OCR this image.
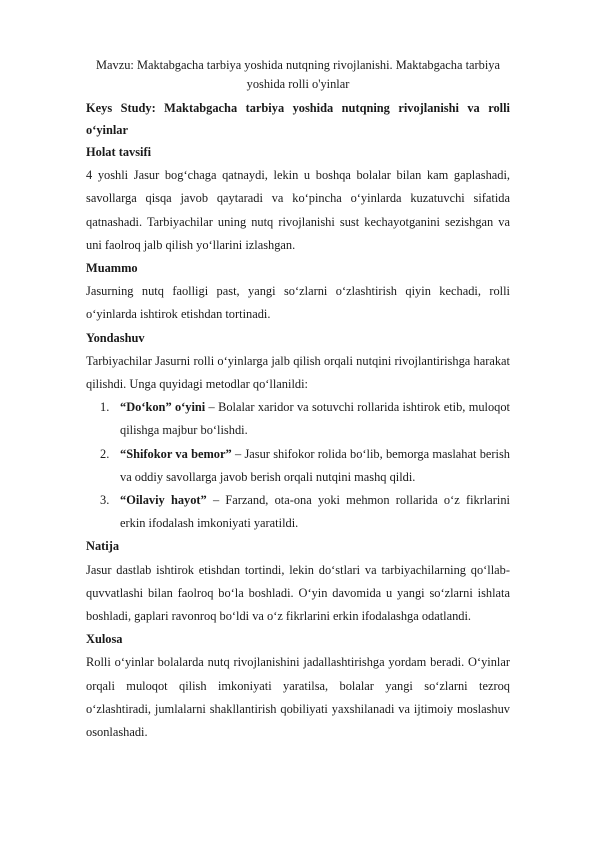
Mavzu: Maktabgacha tarbiya yoshida nutqning rivojlanishi. Maktabgacha tarbiya yoshida rolli o'yinlar

Keys Study: Maktabgacha tarbiya yoshida nutqning rivojlanishi va rolli o‘yinlar

Holat tavsifi

4 yoshli Jasur bog‘chaga qatnaydi, lekin u boshqa bolalar bilan kam gaplashadi, savollarga qisqa javob qaytaradi va ko‘pincha o‘yinlarda kuzatuvchi sifatida qatnashadi. Tarbiyachilar uning nutq rivojlanishi sust kechayotganini sezishgan va uni faolroq jalb qilish yo‘llarini izlashgan.

Muammo

Jasurning nutq faolligi past, yangi so‘zlarni o‘zlashtirish qiyin kechadi, rolli o‘yinlarda ishtirok etishdan tortinadi.

Yondashuv

Tarbiyachilar Jasurni rolli o‘yinlarga jalb qilish orqali nutqini rivojlantirishga harakat qilishdi. Unga quyidagi metodlar qo‘llanildi:

1. “Do‘kon” o‘yini – Bolalar xaridor va sotuvchi rollarida ishtirok etib, muloqot qilishga majbur bo‘lishdi.
2. “Shifokor va bemor” – Jasur shifokor rolida bo‘lib, bemorga maslahat berish va oddiy savollarga javob berish orqali nutqini mashq qildi.
3. “Oilaviy hayot” – Farzand, ota-ona yoki mehmon rollarida o‘z fikrlarini erkin ifodalash imkoniyati yaratildi.

Natija

Jasur dastlab ishtirok etishdan tortindi, lekin do‘stlari va tarbiyachilarning qo‘llab-quvvatlashi bilan faolroq bo‘la boshladi. O‘yin davomida u yangi so‘zlarni ishlata boshladi, gaplari ravonroq bo‘ldi va o‘z fikrlarini erkin ifodalashga odatlandi.

Xulosa

Rolli o‘yinlar bolalarda nutq rivojlanishini jadallashtirishga yordam beradi. O‘yinlar orqali muloqot qilish imkoniyati yaratilsa, bolalar yangi so‘zlarni tezroq o‘zlashtiradi, jumlalarni shakllantirish qobiliyati yaxshilanadi va ijtimoiy moslashuv osonlashadi.
